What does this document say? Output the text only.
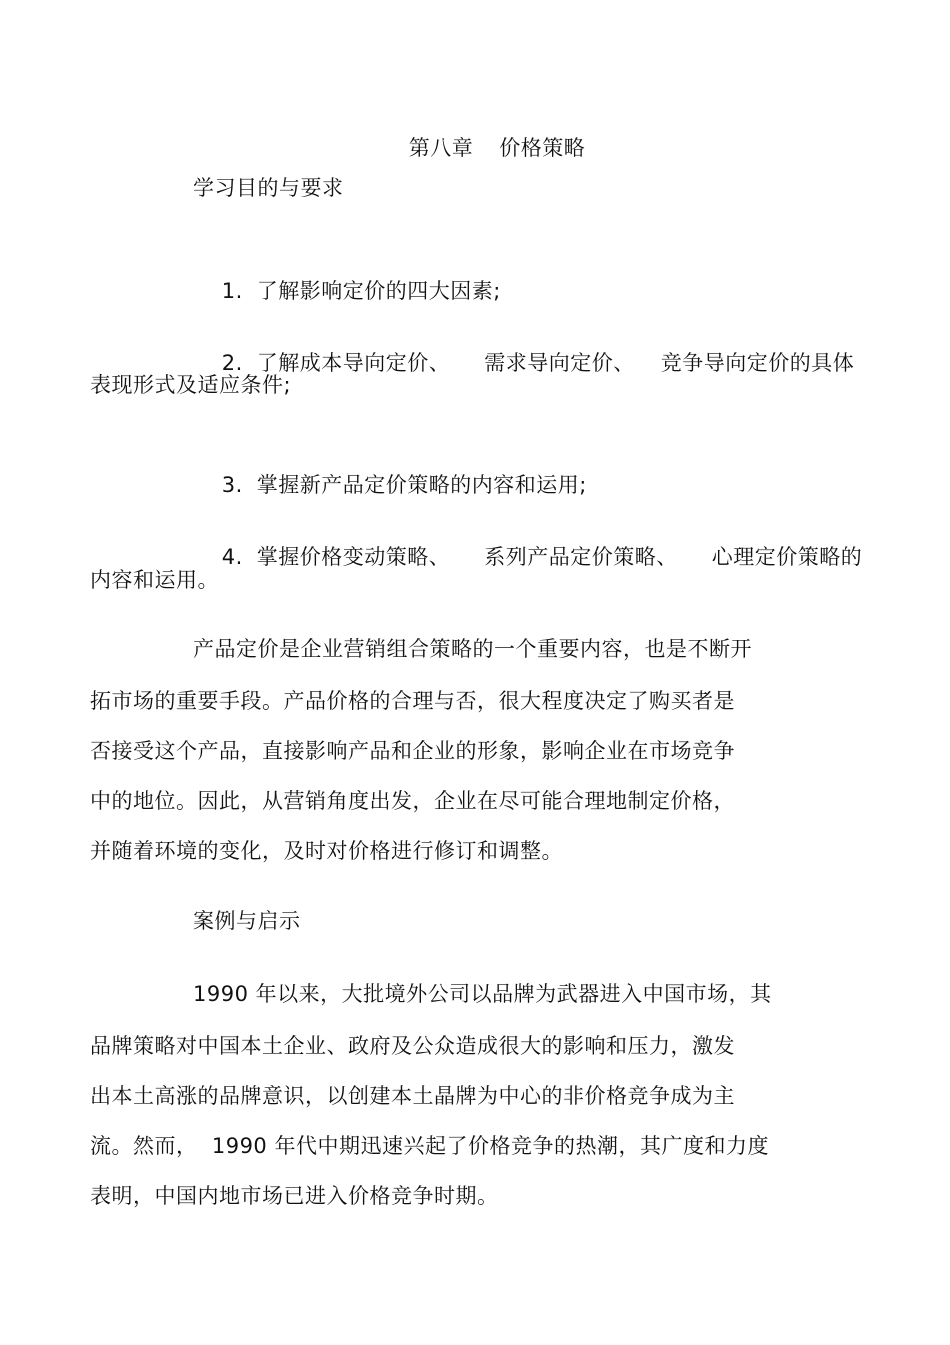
第八章 价格策略

学习目的与要求

1. 了解影响定价的四大因素;

2. 了解成本导向定价、 需求导向定价、 竞争导向定价的具体

表现形式及适应条件;

3. 掌握新产品定价策略的内容和运用;

4. 掌握价格变动策略、 系列产品定价策略、 心理定价策略的

内容和运用。
产品定价是企业营销组合策略的一个重要内容，也是不断开
拓市场的重要手段。产品价格的合理与否，很大程度决定了购买者是
否接受这个产品，直接影响产品和企业的形象，影响企业在市场竞争
中的地位。因此，从营销角度出发，企业在尽可能合理地制定价格，
并随着环境的变化，及时对价格进行修订和调整。
案例与启示
1990 年以来，大批境外公司以品牌为武器进入中国市场，其
品牌策略对中国本土企业、政府及公众造成很大的影响和压力，激发
出本土高涨的品牌意识，以创建本土晶牌为中心的非价格竞争成为主
流。然而，  1990 年代中期迅速兴起了价格竞争的热潮，其广度和力度
表明，中国内地市场已进入价格竞争时期。
